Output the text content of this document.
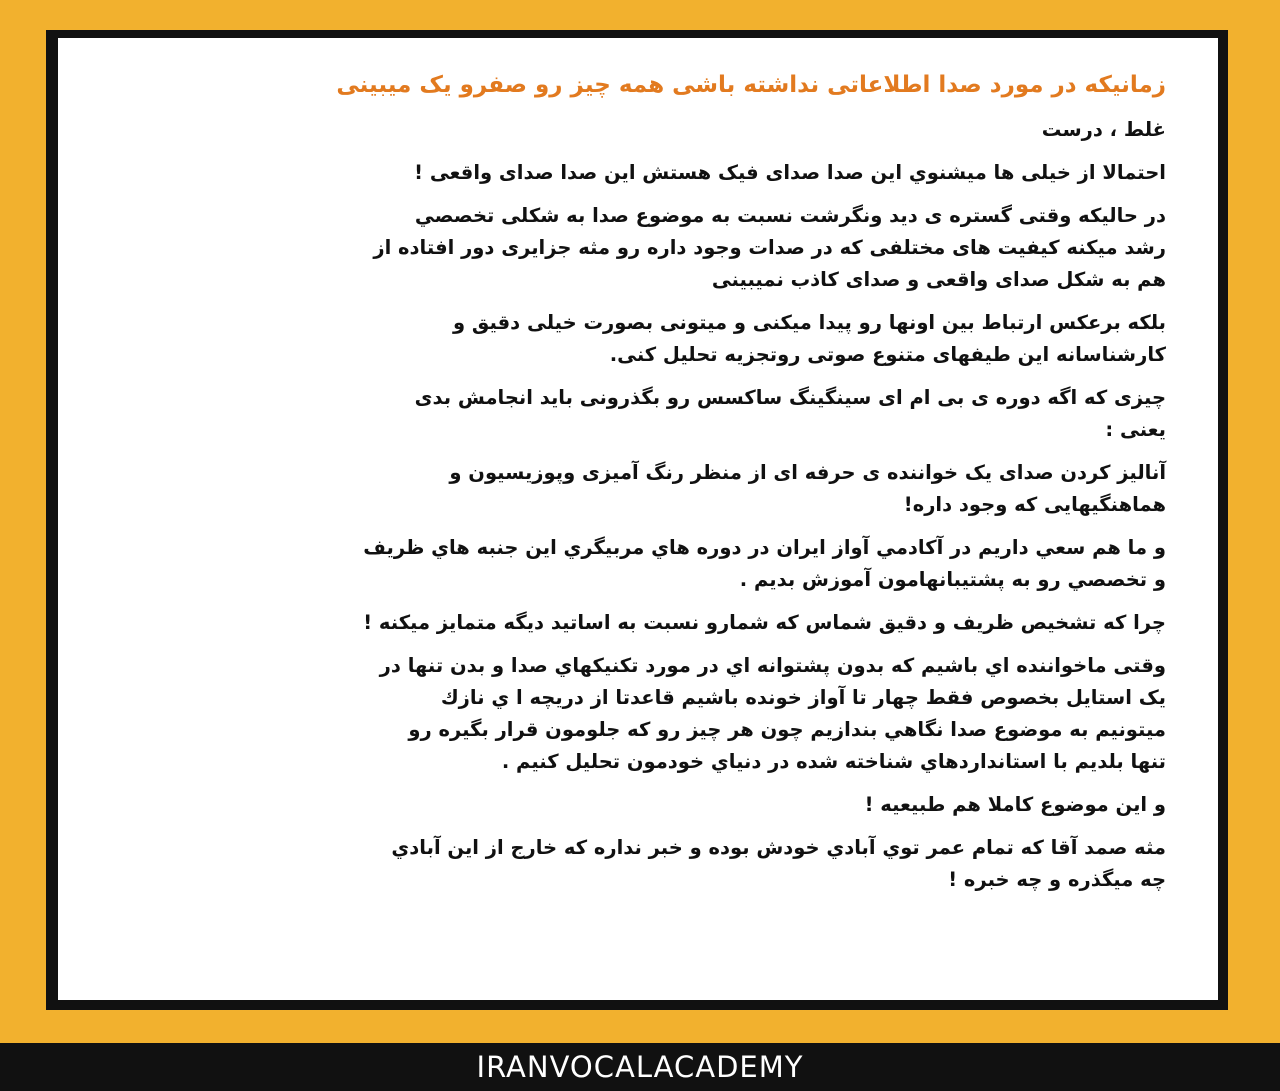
زمانیکه در مورد صدا اطلاعاتی نداشته باشی همه چیز رو صفرو یک میبینی
غلط ، درست
احتمالا از خیلی ها میشنوي این صدا صدای فیک هستش این صدا صدای واقعی !
در حالیکه وقتی گستره ی دید ونگرشت نسبت به موضوع صدا به شکلی تخصصي
رشد میکنه کیفیت های مختلفی که در صدات وجود داره رو مثه جزایری دور افتاده از
هم به شکل صدای واقعی و صدای کاذب نمیبینی
بلکه برعکس ارتباط بین اونها رو پیدا میکنی و میتونی بصورت خیلی دقیق و
کارشناسانه این طیفهای متنوع صوتی روتجزیه تحلیل کنی.
چیزی که اگه دوره ی بی ام ای سینگینگ ساکسس رو بگذرونی باید انجامش بدی
یعنی :
آنالیز کردن صدای یک خواننده ی حرفه ای از منظر رنگ آمیزی وپوزیسیون و
هماهنگیهایی که وجود داره!
و ما هم سعي داریم در آکادمي آواز ایران در دوره هاي مربیگري این جنبه هاي ظریف
و تخصصي رو به پشتیبانهامون آموزش بدیم .
چرا که تشخیص ظریف و دقیق شماس که شمارو نسبت به اساتید دیگه متمایز میکنه !
وقتی ماخواننده اي باشیم که بدون پشتوانه اي در مورد تکنیکهاي صدا و بدن تنها در
یک استایل بخصوص فقط چهار تا آواز خونده باشیم قاعدتا از دریچه ا ي نازك
میتونیم به موضوع صدا نگاهي بندازیم چون هر چیز رو که جلومون قرار بگیره رو
تنها بلدیم با استانداردهاي شناخته شده در دنیاي خودمون تحلیل کنیم .
و این موضوع کاملا هم طبیعیه !
مثه صمد آقا که تمام عمر توي آبادي خودش بوده و خبر نداره که خارج از این آبادي
چه میگذره و چه خبره !
IRANVOCALACADEMY
